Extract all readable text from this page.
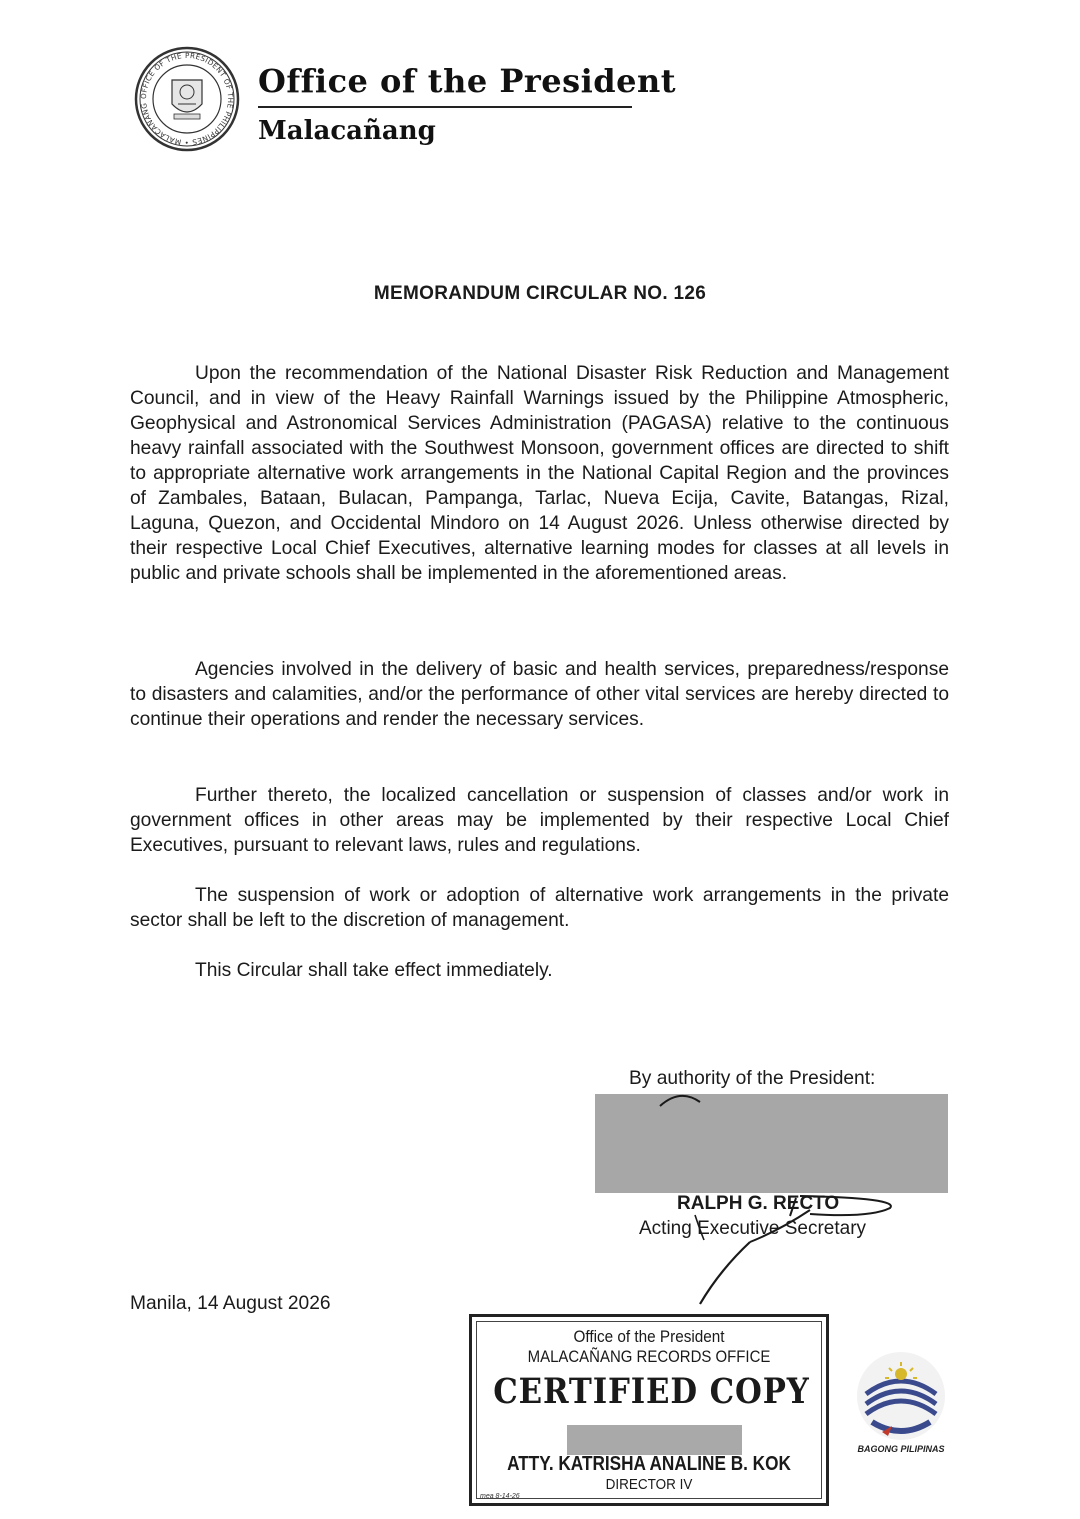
OFFICE OF THE PRESIDENT OF THE PHILIPPINES • MALACAÑANG
Office of the President
Malacañang
MEMORANDUM CIRCULAR NO. 126

Upon the recommendation of the National Disaster Risk Reduction and Management Council, and in view of the Heavy Rainfall Warnings issued by the Philippine Atmospheric, Geophysical and Astronomical Services Administration (PAGASA) relative to the continuous heavy rainfall associated with the Southwest Monsoon, government offices are directed to shift to appropriate alternative work arrangements in the National Capital Region and the provinces of Zambales, Bataan, Bulacan, Pampanga, Tarlac, Nueva Ecija, Cavite, Batangas, Rizal, Laguna, Quezon, and Occidental Mindoro on 14 August 2026. Unless otherwise directed by their respective Local Chief Executives, alternative learning modes for classes at all levels in public and private schools shall be implemented in the aforementioned areas.

Agencies involved in the delivery of basic and health services, preparedness/response to disasters and calamities, and/or the performance of other vital services are hereby directed to continue their operations and render the necessary services.

Further thereto, the localized cancellation or suspension of classes and/or work in government offices in other areas may be implemented by their respective Local Chief Executives, pursuant to relevant laws, rules and regulations.

The suspension of work or adoption of alternative work arrangements in the private sector shall be left to the discretion of management.

This Circular shall take effect immediately.

By authority of the President:
RALPH G. RECTO
Acting Executive Secretary
Manila, 14 August 2026
Office of the President
MALACAÑANG RECORDS OFFICE
CERTIFIED COPY
ATTY. KATRISHA ANALINE B. KOK
DIRECTOR IV
mea 8-14-26
BAGONG PILIPINAS
